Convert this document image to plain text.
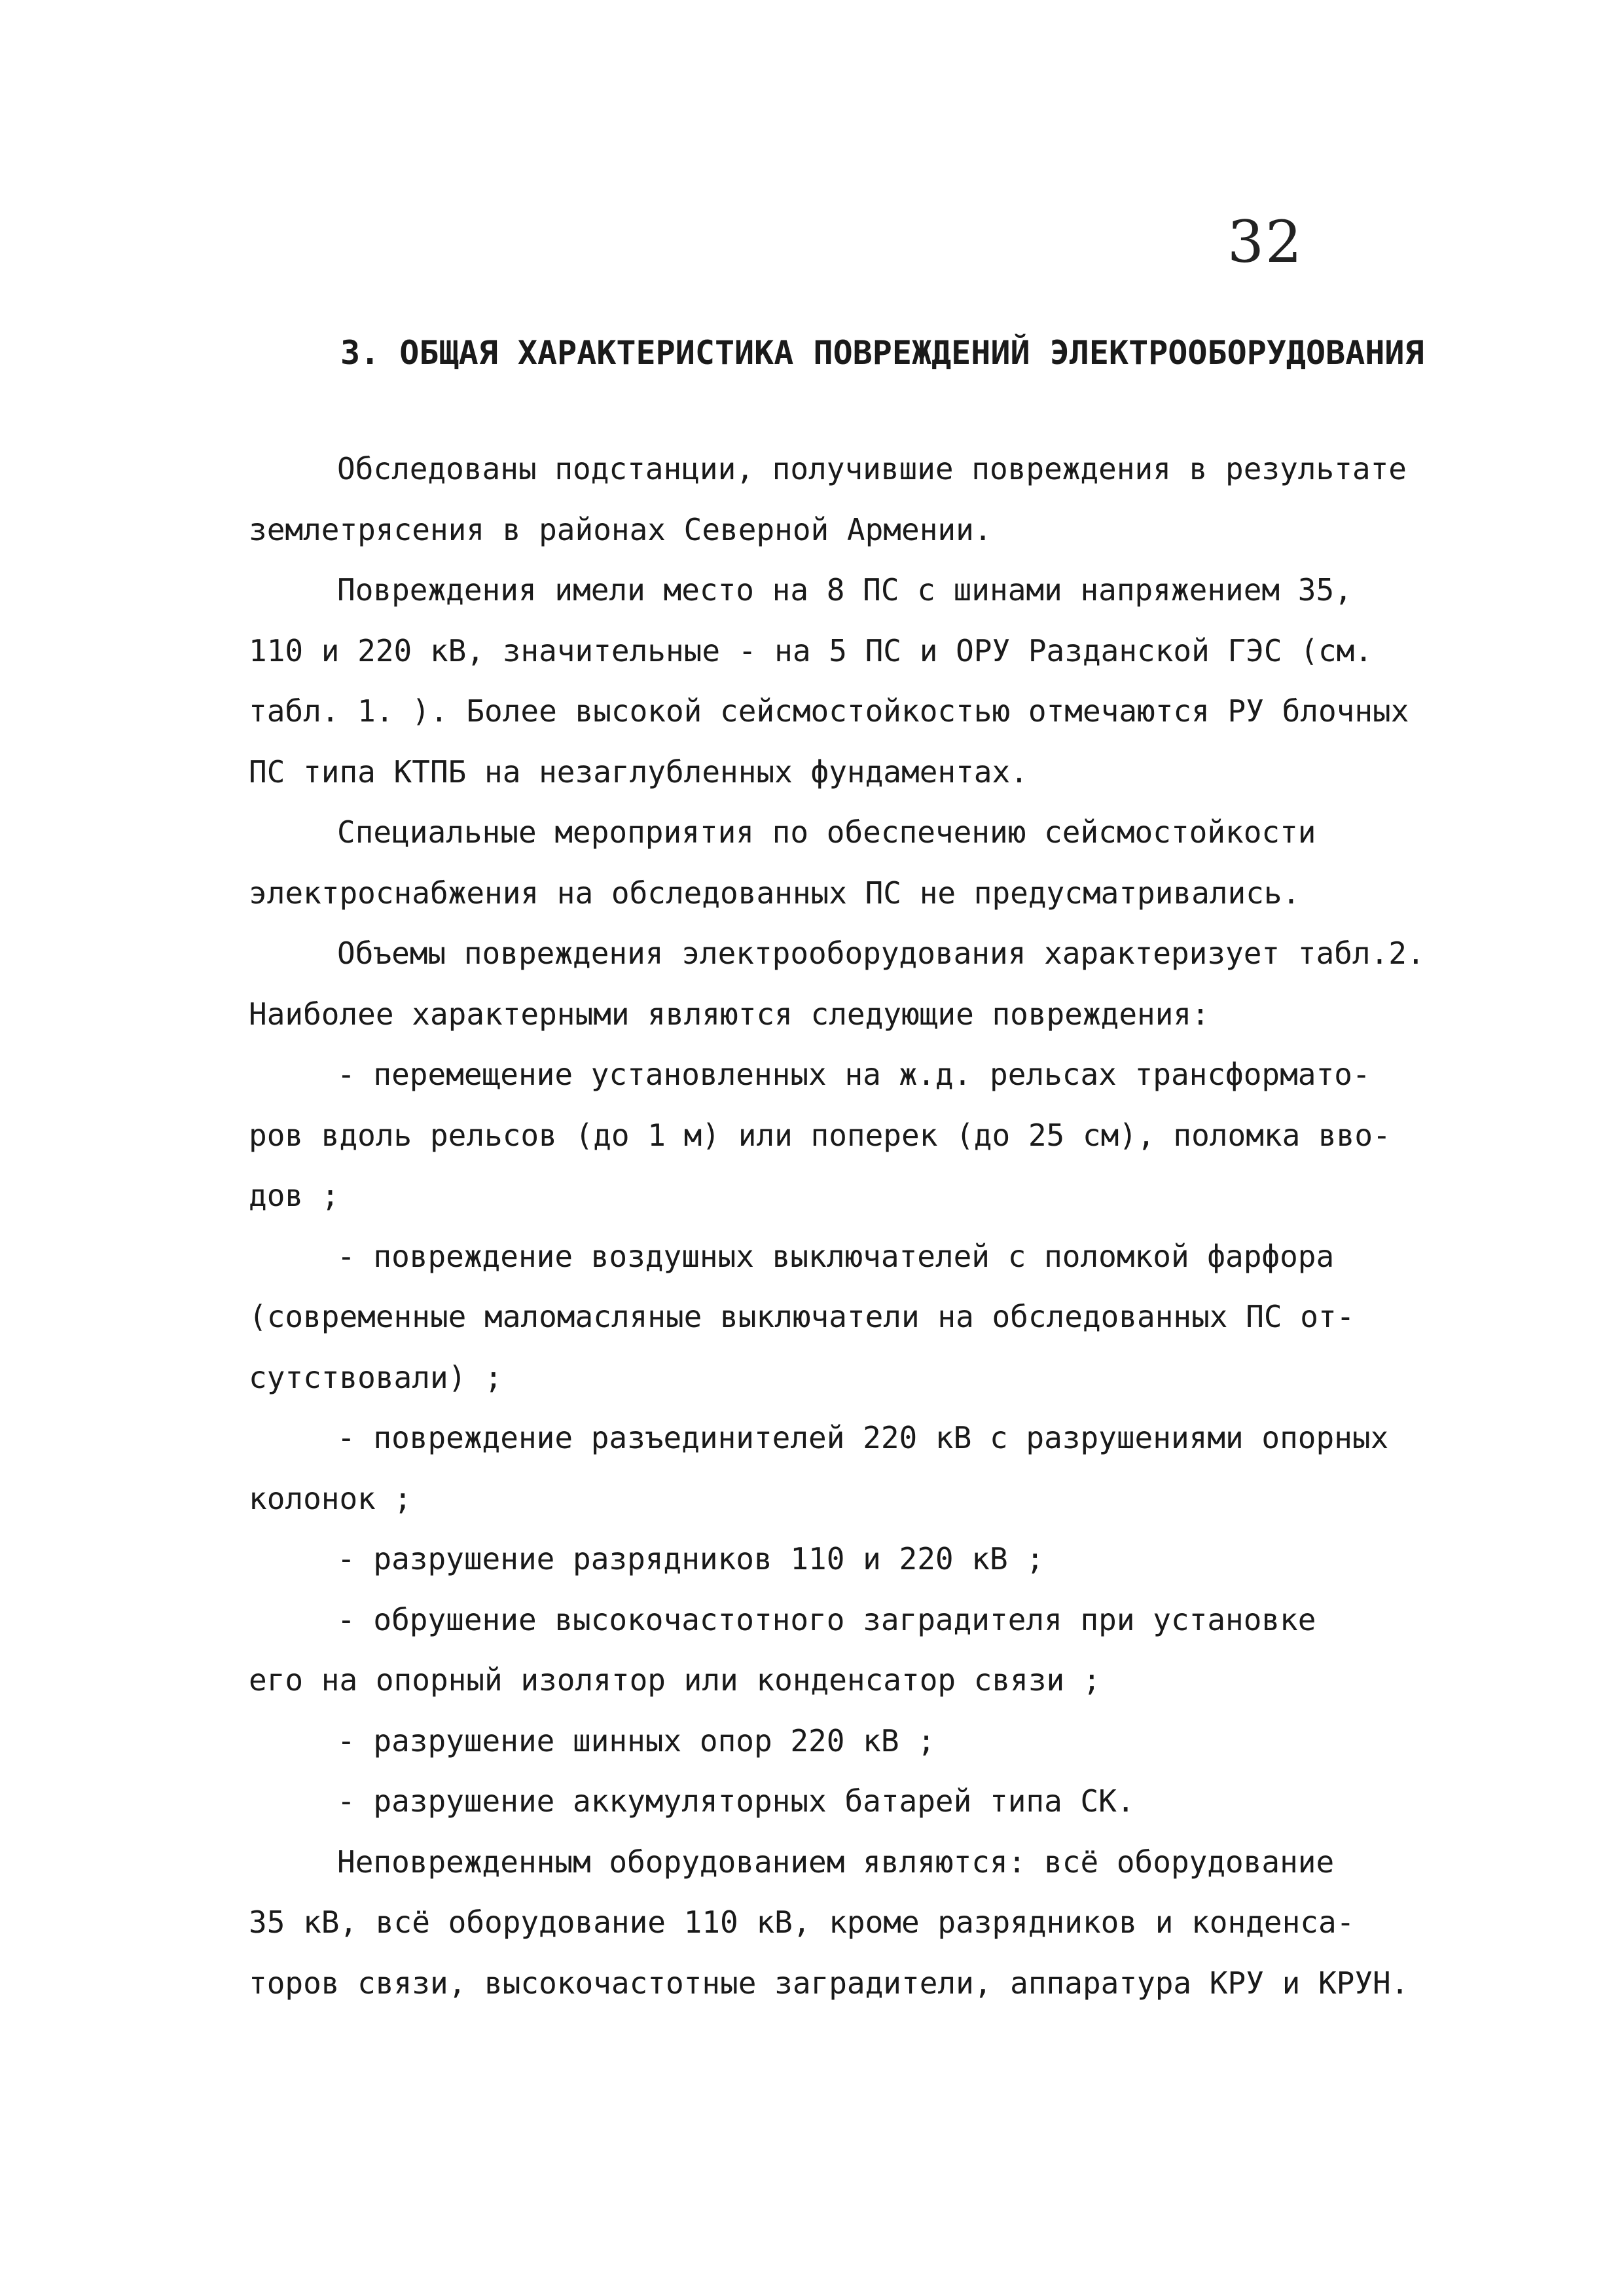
32
3. ОБЩАЯ ХАРАКТЕРИСТИКА ПОВРЕЖДЕНИЙ ЭЛЕКТРООБОРУДОВАНИЯ
Обследованы подстанции, получившие повреждения в результате
землетрясения в районах Северной Армении.
Повреждения имели место на 8 ПС с шинами напряжением 35,
110 и 220 кВ, значительные - на 5 ПС и ОРУ Разданской ГЭС (см.
табл. 1. ). Более высокой сейсмостойкостью отмечаются РУ блочных
ПС типа КТПБ на незаглубленных фундаментах.
Специальные мероприятия по обеспечению сейсмостойкости
электроснабжения на обследованных ПС не предусматривались.
Объемы повреждения электрооборудования характеризует табл.2.
Наиболее характерными являются следующие повреждения:
- перемещение установленных на ж.д. рельсах трансформато-
ров вдоль рельсов (до 1 м) или поперек (до 25 см), поломка вво-
дов ;
- повреждение воздушных выключателей с поломкой фарфора
(современные маломасляные выключатели на обследованных ПС от-
сутствовали) ;
- повреждение разъединителей 220 кВ с разрушениями опорных
колонок ;
- разрушение разрядников 110 и 220 кВ ;
- обрушение высокочастотного заградителя при установке
его на опорный изолятор или конденсатор связи ;
- разрушение шинных опор 220 кВ ;
- разрушение аккумуляторных батарей типа СК.
Неповрежденным оборудованием являются: всё оборудование
35 кВ, всё оборудование 110 кВ, кроме разрядников и конденса-
торов связи, высокочастотные заградители, аппаратура КРУ и КРУН.
